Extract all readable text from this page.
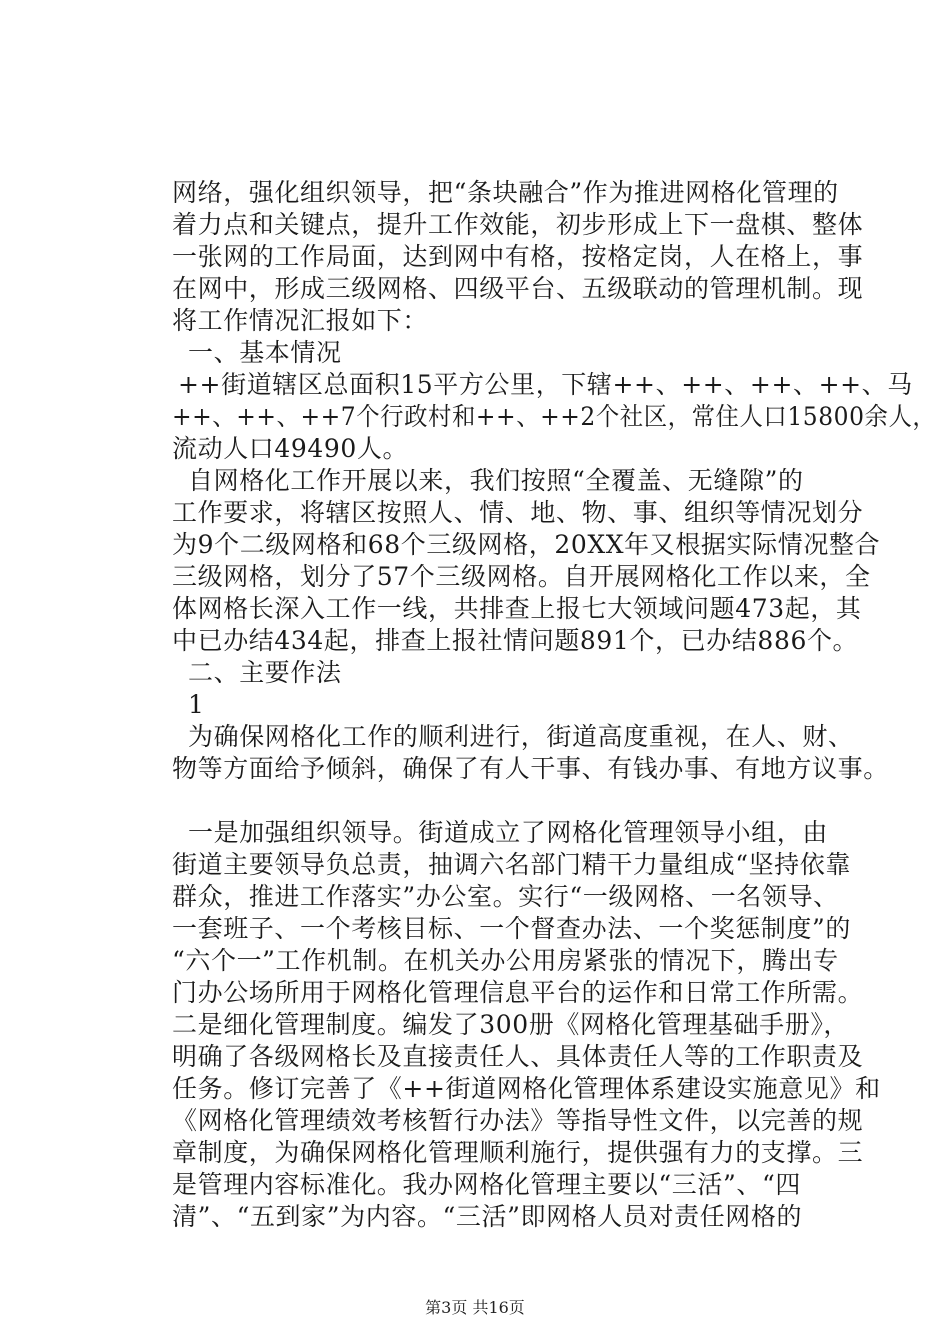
网络，强化组织领导，把“条块融合”作为推进网格化管理的
着力点和关键点，提升工作效能，初步形成上下一盘棋、整体
一张网的工作局面，达到网中有格，按格定岗，人在格上，事
在网中，形成三级网格、四级平台、五级联动的管理机制。现
将工作情况汇报如下：
一、基本情况
++街道辖区总面积15平方公里，下辖++、++、++、++、马
++、++、++7个行政村和++、++2个社区，常住人口15800余人，
流动人口49490人。
自网格化工作开展以来，我们按照“全覆盖、无缝隙”的
工作要求，将辖区按照人、情、地、物、事、组织等情况划分
为9个二级网格和68个三级网格，20XX年又根据实际情况整合
三级网格，划分了57个三级网格。自开展网格化工作以来，全
体网格长深入工作一线，共排查上报七大领域问题473起，其
中已办结434起，排查上报社情问题891个，已办结886个。
二、主要作法
1
为确保网格化工作的顺利进行，街道高度重视，在人、财、
物等方面给予倾斜，确保了有人干事、有钱办事、有地方议事。
一是加强组织领导。街道成立了网格化管理领导小组，由
街道主要领导负总责，抽调六名部门精干力量组成“坚持依靠
群众，推进工作落实”办公室。实行“一级网格、一名领导、
一套班子、一个考核目标、一个督查办法、一个奖惩制度”的
“六个一”工作机制。在机关办公用房紧张的情况下，腾出专
门办公场所用于网格化管理信息平台的运作和日常工作所需。
二是细化管理制度。编发了300册《网格化管理基础手册》，
明确了各级网格长及直接责任人、具体责任人等的工作职责及
任务。修订完善了《++街道网格化管理体系建设实施意见》和
《网格化管理绩效考核暂行办法》等指导性文件，以完善的规
章制度，为确保网格化管理顺利施行，提供强有力的支撑。三
是管理内容标准化。我办网格化管理主要以“三活”、“四
清”、“五到家”为内容。“三活”即网格人员对责任网格的
第3页 共16页
